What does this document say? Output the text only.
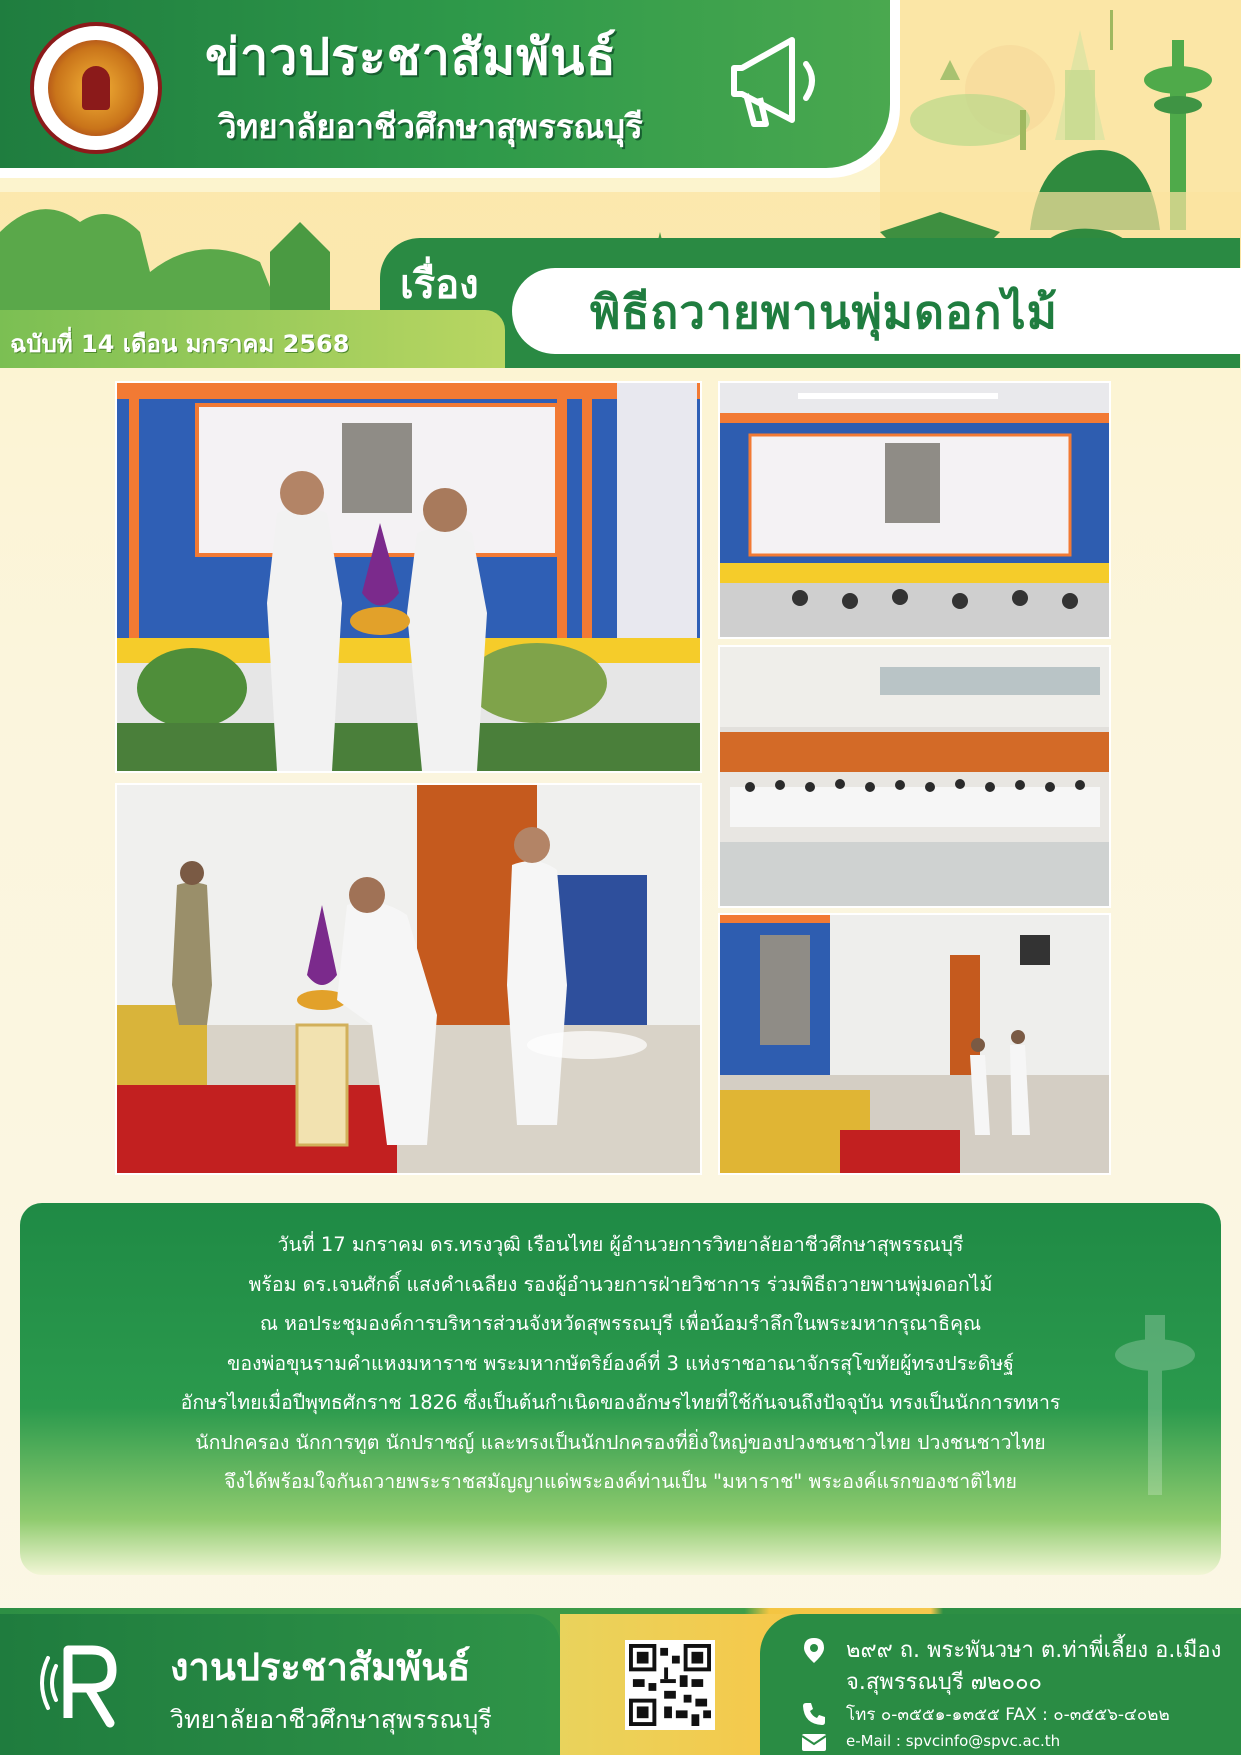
ข่าวประชาสัมพันธ์
วิทยาลัยอาชีวศึกษาสุพรรณบุรี
เรื่อง พิธีถวายพานพุ่มดอกไม้
ฉบับที่ 14 เดือน มกราคม 2568
วันที่ 17 มกราคม ดร.ทรงวุฒิ เรือนไทย ผู้อำนวยการวิทยาลัยอาชีวศึกษาสุพรรณบุรี
พร้อม ดร.เจนศักดิ์ แสงคำเฉลียง รองผู้อำนวยการฝ่ายวิชาการ ร่วมพิธีถวายพานพุ่มดอกไม้
ณ หอประชุมองค์การบริหารส่วนจังหวัดสุพรรณบุรี เพื่อน้อมรำลึกในพระมหากรุณาธิคุณ
ของพ่อขุนรามคำแหงมหาราช พระมหากษัตริย์องค์ที่ 3 แห่งราชอาณาจักรสุโขทัยผู้ทรงประดิษฐ์
อักษรไทยเมื่อปีพุทธศักราช 1826 ซึ่งเป็นต้นกำเนิดของอักษรไทยที่ใช้กันจนถึงปัจจุบัน ทรงเป็นนักการทหาร
นักปกครอง นักการทูต นักปราชญ์ และทรงเป็นนักปกครองที่ยิ่งใหญ่ของปวงชนชาวไทย ปวงชนชาวไทย
จึงได้พร้อมใจกันถวายพระราชสมัญญาแด่พระองค์ท่านเป็น "มหาราช" พระองค์แรกของชาติไทย
งานประชาสัมพันธ์
วิทยาลัยอาชีวศึกษาสุพรรณบุรี
๒๙๙ ถ. พระพันวษา ต.ท่าพี่เลี้ยง อ.เมือง
จ.สุพรรณบุรี ๗๒๐๐๐
โทร ๐-๓๕๕๑-๑๓๕๕ FAX : ๐-๓๕๕๖-๔๐๒๒
e-Mail : spvcinfo@spvc.ac.th
